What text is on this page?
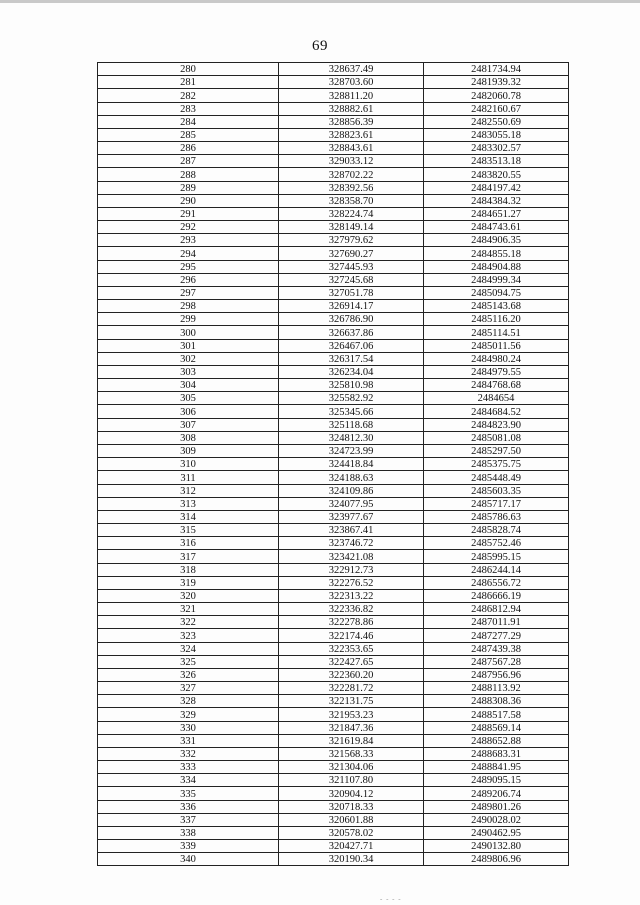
69
280	328637.49	2481734.94
281	328703.60	2481939.32
282	328811.20	2482060.78
283	328882.61	2482160.67
284	328856.39	2482550.69
285	328823.61	2483055.18
286	328843.61	2483302.57
287	329033.12	2483513.18
288	328702.22	2483820.55
289	328392.56	2484197.42
290	328358.70	2484384.32
291	328224.74	2484651.27
292	328149.14	2484743.61
293	327979.62	2484906.35
294	327690.27	2484855.18
295	327445.93	2484904.88
296	327245.68	2484999.34
297	327051.78	2485094.75
298	326914.17	2485143.68
299	326786.90	2485116.20
300	326637.86	2485114.51
301	326467.06	2485011.56
302	326317.54	2484980.24
303	326234.04	2484979.55
304	325810.98	2484768.68
305	325582.92	2484654
306	325345.66	2484684.52
307	325118.68	2484823.90
308	324812.30	2485081.08
309	324723.99	2485297.50
310	324418.84	2485375.75
311	324188.63	2485448.49
312	324109.86	2485603.35
313	324077.95	2485717.17
314	323977.67	2485786.63
315	323867.41	2485828.74
316	323746.72	2485752.46
317	323421.08	2485995.15
318	322912.73	2486244.14
319	322276.52	2486556.72
320	322313.22	2486666.19
321	322336.82	2486812.94
322	322278.86	2487011.91
323	322174.46	2487277.29
324	322353.65	2487439.38
325	322427.65	2487567.28
326	322360.20	2487956.96
327	322281.72	2488113.92
328	322131.75	2488308.36
329	321953.23	2488517.58
330	321847.36	2488569.14
331	321619.84	2488652.88
332	321568.33	2488683.31
333	321304.06	2488841.95
334	321107.80	2489095.15
335	320904.12	2489206.74
336	320718.33	2489801.26
337	320601.88	2490028.02
338	320578.02	2490462.95
339	320427.71	2490132.80
340	320190.34	2489806.96
- - - -
